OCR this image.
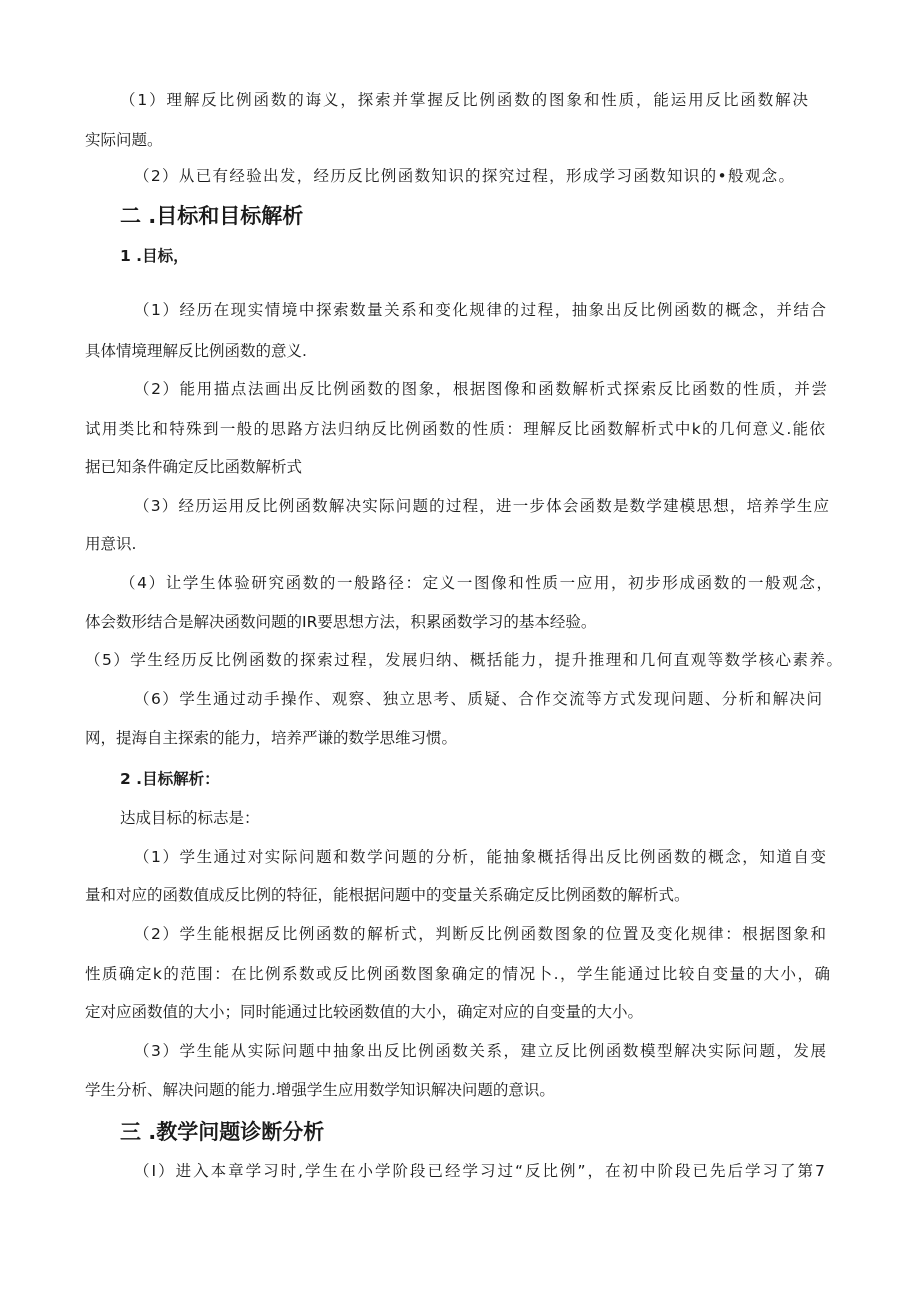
（1）理解反比例函数的诲义，探索并掌握反比例函数的图象和性质，能运用反比函数解决

实际问题。

（2）从已有经验出发，经历反比例函数知识的探究过程，形成学习函数知识的•般观念。

二 .目标和目标解析

1 .目标，

（1）经历在现实情境中探索数量关系和变化规律的过程，抽象出反比例函数的概念，并结合

具体情境理解反比例函数的意义.

（2）能用描点法画出反比例函数的图象，根据图像和函数解析式探索反比函数的性质，并尝

试用类比和特殊到一般的思路方法归纳反比例函数的性质：理解反比函数解析式中k的几何意义.能依

据已知条件确定反比函数解析式

（3）经历运用反比例函数解决实际问题的过程，进一步体会函数是数学建模思想，培养学生应

用意识.

（4）让学生体验研究函数的一般路径：定义一图像和性质一应用，初步形成函数的一般观念，

体会数形结合是解决函数问题的IR要思想方法，积累函数学习的基本经验。

（5）学生经历反比例函数的探索过程，发展归纳、概括能力，提升推理和几何直观等数学核心素养。

（6）学生通过动手操作、观察、独立思考、质疑、合作交流等方式发现问题、分析和解决问

网，提海自主探索的能力，培养严谦的数学思维习惯。

2 .目标解析：

达成目标的标志是：

（1）学生通过对实际问题和数学问题的分析，能抽象概括得出反比例函数的概念，知道自变

量和对应的函数值成反比例的特征，能根据问题中的变量关系确定反比例函数的解析式。

（2）学生能根据反比例函数的解析式，判断反比例函数图象的位置及变化规律：根据图象和

性质确定k的范围：在比例系数或反比例函数图象确定的情况卜.，学生能通过比较自变量的大小，确

定对应函数值的大小；同时能通过比较函数值的大小，确定对应的自变量的大小。

（3）学生能从实际问题中抽象出反比例函数关系，建立反比例函数模型解决实际问题，发展

学生分析、解决问题的能力.增强学生应用数学知识解决问题的意识。

三 .教学问题诊断分析

（I）进入本章学习时,学生在小学阶段已经学习过“反比例”，在初中阶段已先后学习了第7
